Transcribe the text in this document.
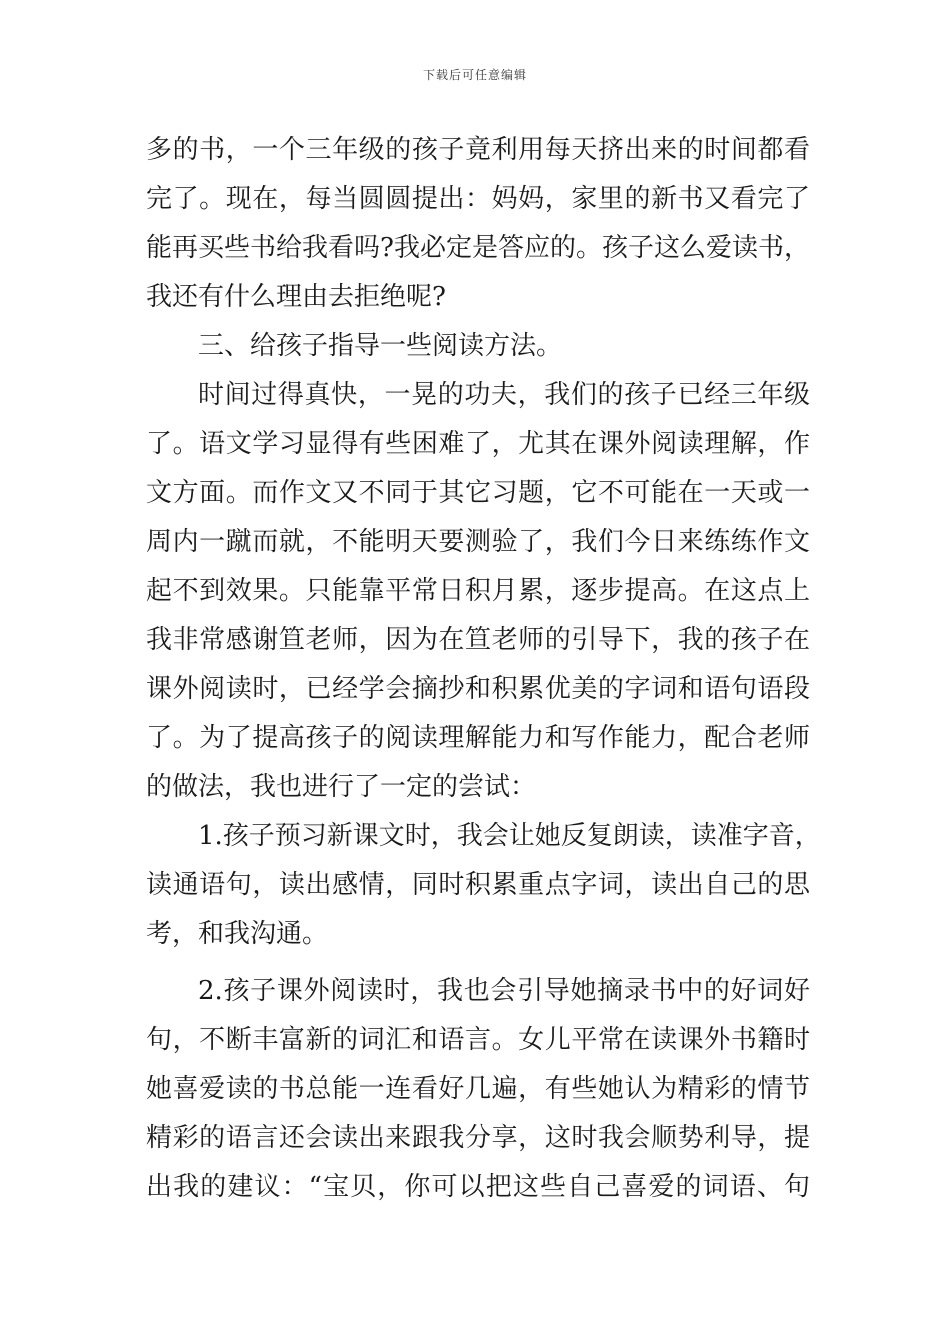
下载后可任意编辑
多的书，一个三年级的孩子竟利用每天挤出来的时间都看
完了。现在，每当圆圆提出：妈妈，家里的新书又看完了
能再买些书给我看吗?我必定是答应的。孩子这么爱读书，
我还有什么理由去拒绝呢?
三、给孩子指导一些阅读方法。
时间过得真快，一晃的功夫，我们的孩子已经三年级
了。语文学习显得有些困难了，尤其在课外阅读理解，作
文方面。而作文又不同于其它习题，它不可能在一天或一
周内一蹴而就，不能明天要测验了，我们今日来练练作文
起不到效果。只能靠平常日积月累，逐步提高。在这点上
我非常感谢笪老师，因为在笪老师的引导下，我的孩子在
课外阅读时，已经学会摘抄和积累优美的字词和语句语段
了。为了提高孩子的阅读理解能力和写作能力，配合老师
的做法，我也进行了一定的尝试：
1.孩子预习新课文时，我会让她反复朗读，读准字音，
读通语句，读出感情，同时积累重点字词，读出自己的思
考，和我沟通。
2.孩子课外阅读时，我也会引导她摘录书中的好词好
句，不断丰富新的词汇和语言。女儿平常在读课外书籍时
她喜爱读的书总能一连看好几遍，有些她认为精彩的情节
精彩的语言还会读出来跟我分享，这时我会顺势利导，提
出我的建议：“宝贝，你可以把这些自己喜爱的词语、句
